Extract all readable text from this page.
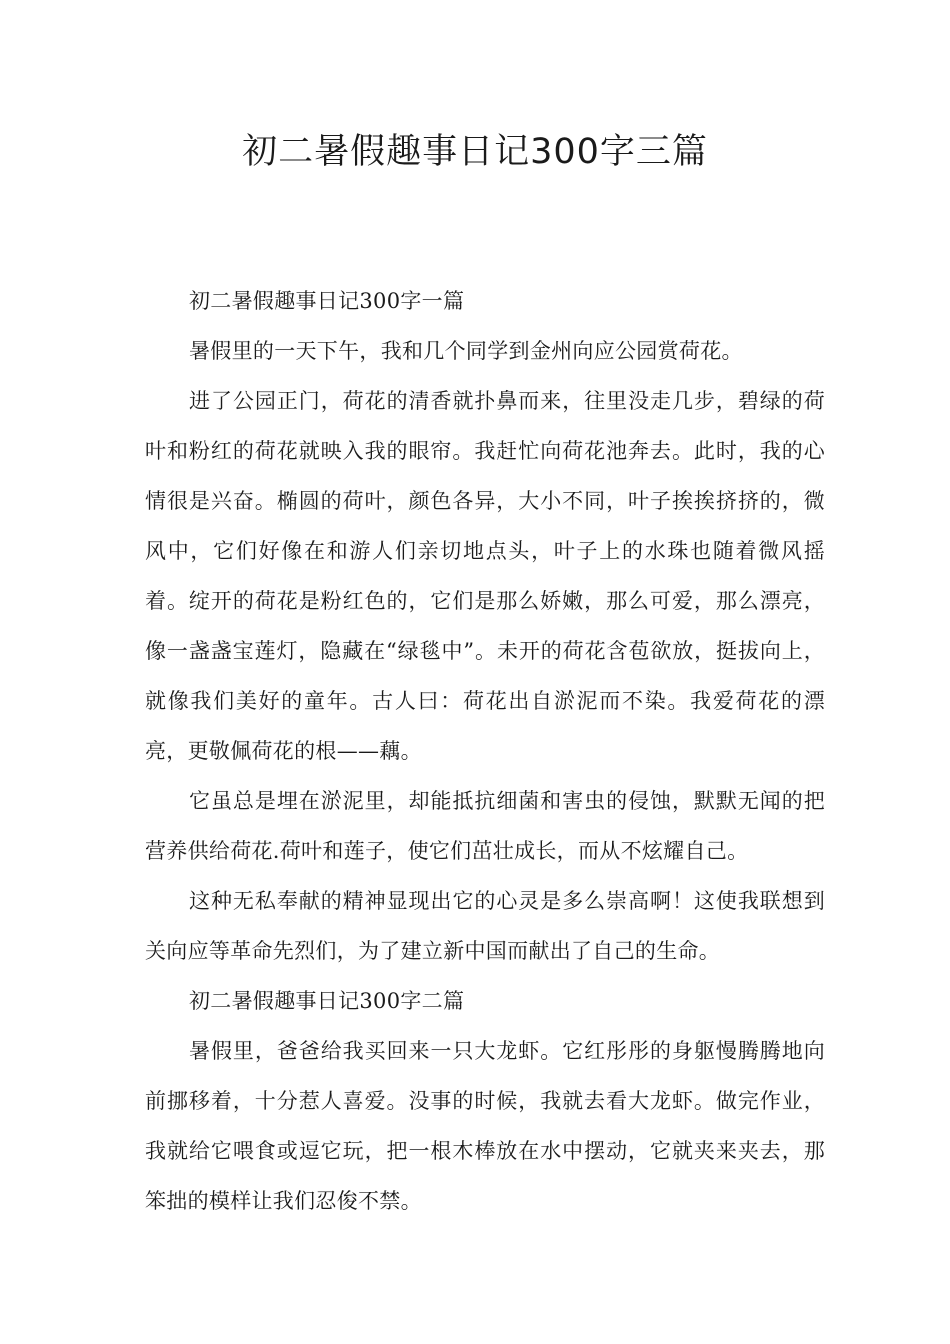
初二暑假趣事日记300字三篇

初二暑假趣事日记300字一篇

暑假里的一天下午，我和几个同学到金州向应公园赏荷花。

进了公园正门，荷花的清香就扑鼻而来，往里没走几步，碧绿的荷叶和粉红的荷花就映入我的眼帘。我赶忙向荷花池奔去。此时，我的心情很是兴奋。椭圆的荷叶，颜色各异，大小不同，叶子挨挨挤挤的，微风中，它们好像在和游人们亲切地点头，叶子上的水珠也随着微风摇着。绽开的荷花是粉红色的，它们是那么娇嫩，那么可爱，那么漂亮，像一盏盏宝莲灯，隐藏在“绿毯中”。未开的荷花含苞欲放，挺拔向上，就像我们美好的童年。古人曰：荷花出自淤泥而不染。我爱荷花的漂亮，更敬佩荷花的根——藕。

它虽总是埋在淤泥里，却能抵抗细菌和害虫的侵蚀，默默无闻的把营养供给荷花.荷叶和莲子，使它们茁壮成长，而从不炫耀自己。

这种无私奉献的精神显现出它的心灵是多么崇高啊！这使我联想到关向应等革命先烈们，为了建立新中国而献出了自己的生命。

初二暑假趣事日记300字二篇

暑假里，爸爸给我买回来一只大龙虾。它红彤彤的身躯慢腾腾地向前挪移着，十分惹人喜爱。没事的时候，我就去看大龙虾。做完作业，我就给它喂食或逗它玩，把一根木棒放在水中摆动，它就夹来夹去，那笨拙的模样让我们忍俊不禁。
